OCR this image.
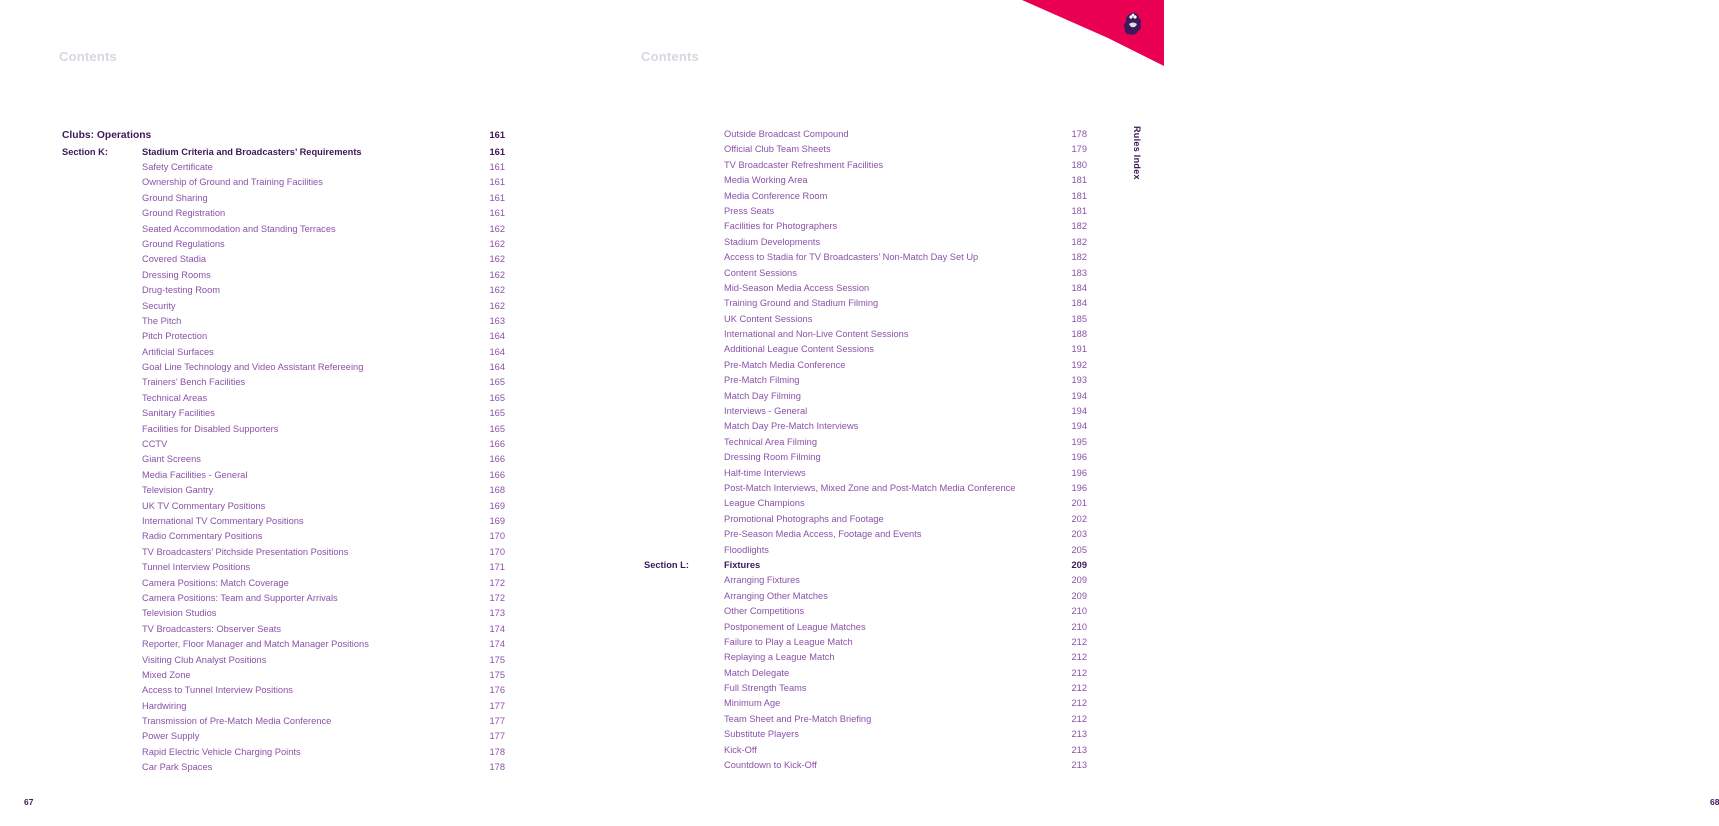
Contents
Clubs: Operations	161
Section K:	Stadium Criteria and Broadcasters’ Requirements	161
Safety Certificate	161
Ownership of Ground and Training Facilities	161
Ground Sharing	161
Ground Registration	161
Seated Accommodation and Standing Terraces	162
Ground Regulations	162
Covered Stadia	162
Dressing Rooms	162
Drug-testing Room	162
Security	162
The Pitch	163
Pitch Protection	164
Artificial Surfaces	164
Goal Line Technology and Video Assistant Refereeing	164
Trainers’ Bench Facilities	165
Technical Areas	165
Sanitary Facilities	165
Facilities for Disabled Supporters	165
CCTV	166
Giant Screens	166
Media Facilities - General	166
Television Gantry	168
UK TV Commentary Positions	169
International TV Commentary Positions	169
Radio Commentary Positions	170
TV Broadcasters’ Pitchside Presentation Positions	170
Tunnel Interview Positions	171
Camera Positions: Match Coverage	172
Camera Positions: Team and Supporter Arrivals	172
Television Studios	173
TV Broadcasters: Observer Seats	174
Reporter, Floor Manager and Match Manager Positions	174
Visiting Club Analyst Positions	175
Mixed Zone	175
Access to Tunnel Interview Positions	176
Hardwiring	177
Transmission of Pre-Match Media Conference	177
Power Supply	177
Rapid Electric Vehicle Charging Points	178
Car Park Spaces	178
67
Contents
Outside Broadcast Compound	178
Official Club Team Sheets	179
TV Broadcaster Refreshment Facilities	180
Media Working Area	181
Media Conference Room	181
Press Seats	181
Facilities for Photographers	182
Stadium Developments	182
Access to Stadia for TV Broadcasters’ Non-Match Day Set Up	182
Content Sessions	183
Mid-Season Media Access Session	184
Training Ground and Stadium Filming	184
UK Content Sessions	185
International and Non-Live Content Sessions	188
Additional League Content Sessions	191
Pre-Match Media Conference	192
Pre-Match Filming	193
Match Day Filming	194
Interviews - General	194
Match Day Pre-Match Interviews	194
Technical Area Filming	195
Dressing Room Filming	196
Half-time Interviews	196
Post-Match Interviews, Mixed Zone and Post-Match Media Conference	196
League Champions	201
Promotional Photographs and Footage	202
Pre-Season Media Access, Footage and Events	203
Floodlights	205
Section L:	Fixtures	209
Arranging Fixtures	209
Arranging Other Matches	209
Other Competitions	210
Postponement of League Matches	210
Failure to Play a League Match	212
Replaying a League Match	212
Match Delegate	212
Full Strength Teams	212
Minimum Age	212
Team Sheet and Pre-Match Briefing	212
Substitute Players	213
Kick-Off	213
Countdown to Kick-Off	213
68
Rules Index
